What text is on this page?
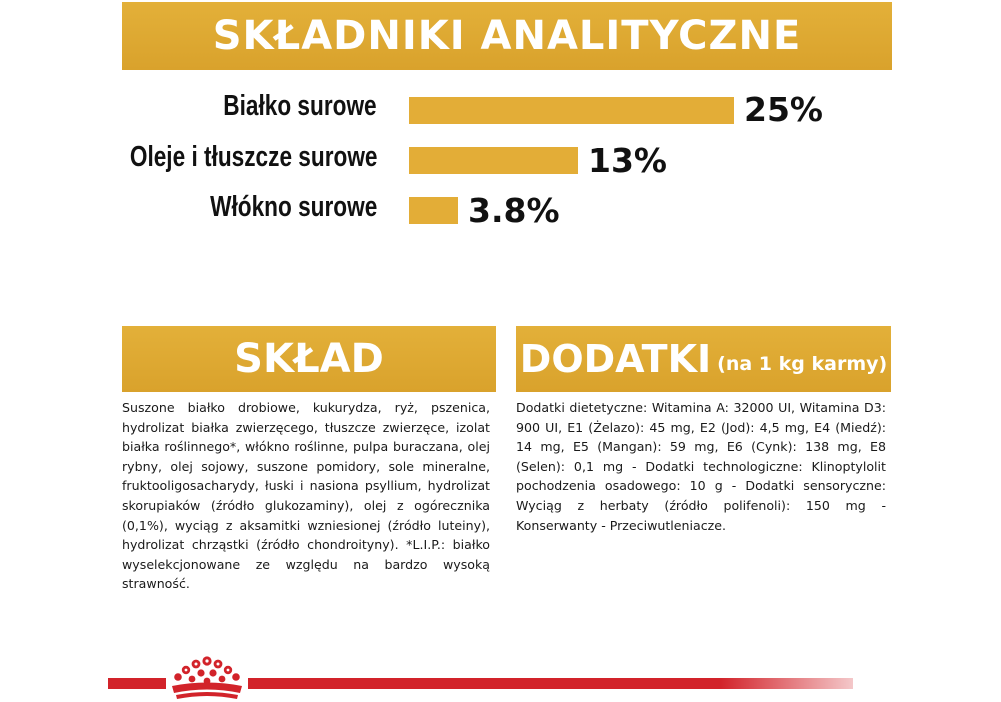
SKŁADNIKI ANALITYCZNE
Białko surowe	25%
Oleje i tłuszcze surowe	13%
Włókno surowe	3.8%
SKŁAD
Suszone białko drobiowe, kukurydza, ryż, pszenica, hydrolizat białka zwierzęcego, tłuszcze zwierzęce, izolat białka roślinnego*, włókno roślinne, pulpa buraczana, olej rybny, olej sojowy, suszone pomidory, sole mineralne, fruktooligosacharydy, łuski i nasiona psyllium, hydrolizat skorupiaków (źródło glukozaminy), olej z ogórecznika (0,1%), wyciąg z aksamitki wzniesionej (źródło luteiny), hydrolizat chrząstki (źródło chondroityny). *L.I.P.: białko wyselekcjonowane ze względu na bardzo wysoką strawność.
DODATKI (na 1 kg karmy)
Dodatki dietetyczne: Witamina A: 32000 UI, Witamina D3: 900 UI, E1 (Żelazo): 45 mg, E2 (Jod): 4,5 mg, E4 (Miedź): 14 mg, E5 (Mangan): 59 mg, E6 (Cynk): 138 mg, E8 (Selen): 0,1 mg - Dodatki technologiczne: Klinoptylolit pochodzenia osadowego: 10 g - Dodatki sensoryczne: Wyciąg z herbaty (źródło polifenoli): 150 mg - Konserwanty - Przeciwutleniacze.
